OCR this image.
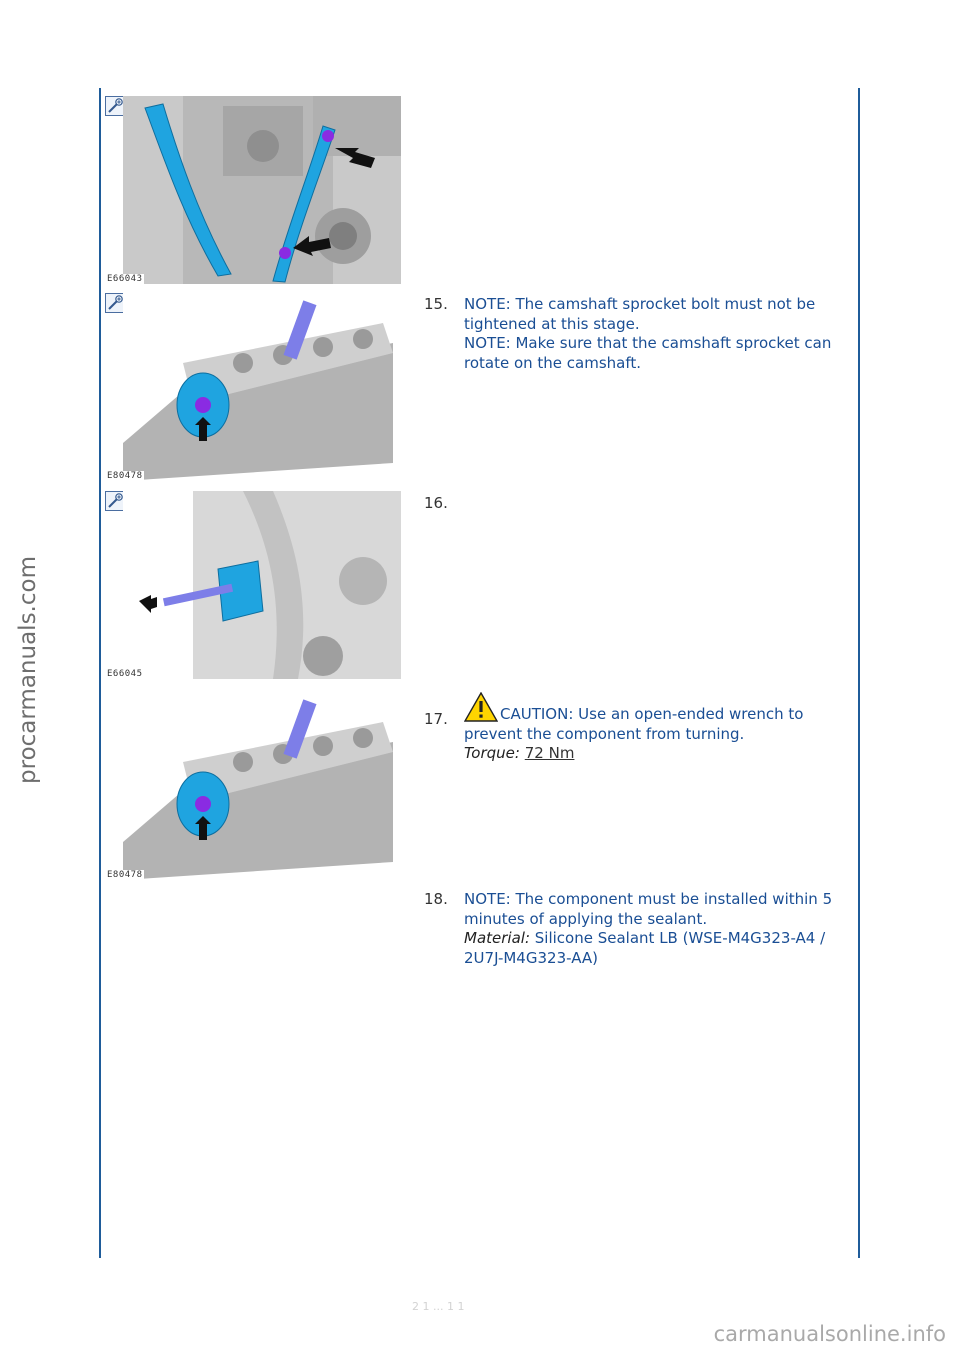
procarmanuals.com
E66043
E80478
E66045
E80478
15. NOTE: The camshaft sprocket bolt must not be tightened at this stage.

NOTE: Make sure that the camshaft sprocket can rotate on the camshaft.

16.
17.	CAUTION: Use an open-ended wrench to prevent the component from turning.

Torque: 72 Nm

18. NOTE: The component must be installed within 5 minutes of applying the sealant.

Material: Silicone Sealant LB (WSE-M4G323-A4 / 2U7J-M4G323-AA)

2 1 ... 1 1
carmanualsonline.info
